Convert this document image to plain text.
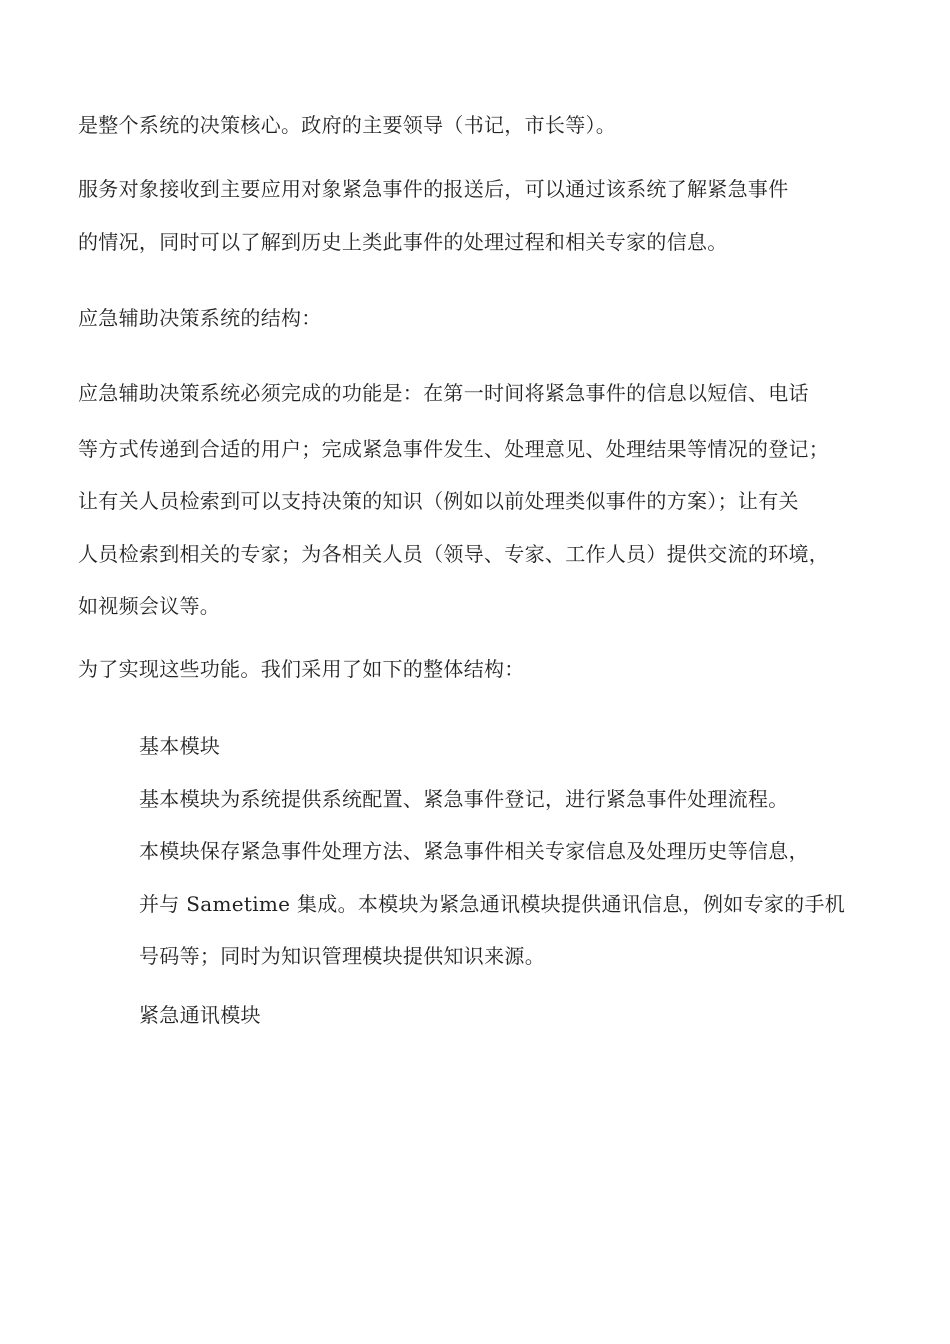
是整个系统的决策核心。政府的主要领导（书记，市长等）。
服务对象接收到主要应用对象紧急事件的报送后，可以通过该系统了解紧急事件
的情况，同时可以了解到历史上类此事件的处理过程和相关专家的信息。
应急辅助决策系统的结构：
应急辅助决策系统必须完成的功能是：在第一时间将紧急事件的信息以短信、电话
等方式传递到合适的用户；完成紧急事件发生、处理意见、处理结果等情况的登记；
让有关人员检索到可以支持决策的知识（例如以前处理类似事件的方案）；让有关
人员检索到相关的专家；为各相关人员（领导、专家、工作人员）提供交流的环境，
如视频会议等。
为了实现这些功能。我们采用了如下的整体结构：
基本模块
基本模块为系统提供系统配置、紧急事件登记，进行紧急事件处理流程。
本模块保存紧急事件处理方法、紧急事件相关专家信息及处理历史等信息，
并与 Sametime 集成。本模块为紧急通讯模块提供通讯信息，例如专家的手机
号码等；同时为知识管理模块提供知识来源。
紧急通讯模块
